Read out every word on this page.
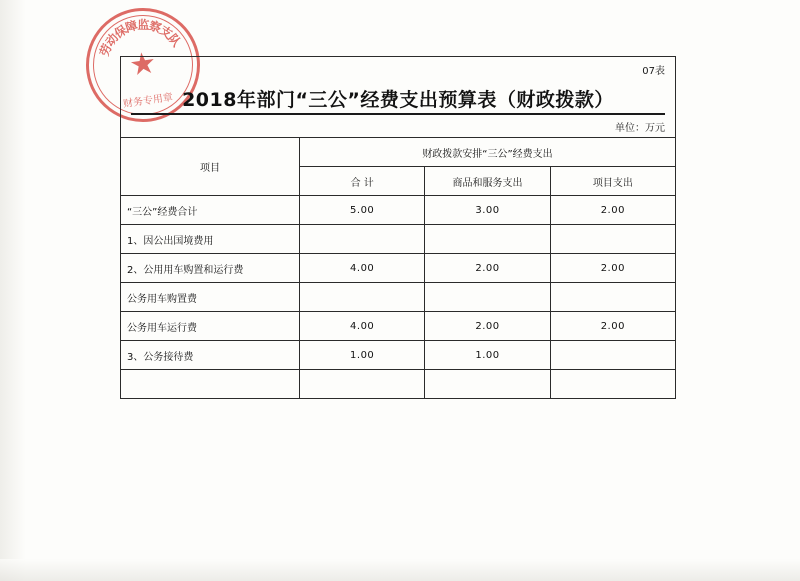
★
劳
动
保
障
监
察
支
队
财务专用章
07表
2018年部门“三公”经费支出预算表（财政拨款）
单位：万元
项目	财政拨款安排“三公”经费支出		
	合 计	商品和服务支出	项目支出
“三公”经费合计	5.00	3.00	2.00
1、因公出国境费用			
2、公用用车购置和运行费	4.00	2.00	2.00
公务用车购置费			
公务用车运行费	4.00	2.00	2.00
3、公务接待费	1.00	1.00	
